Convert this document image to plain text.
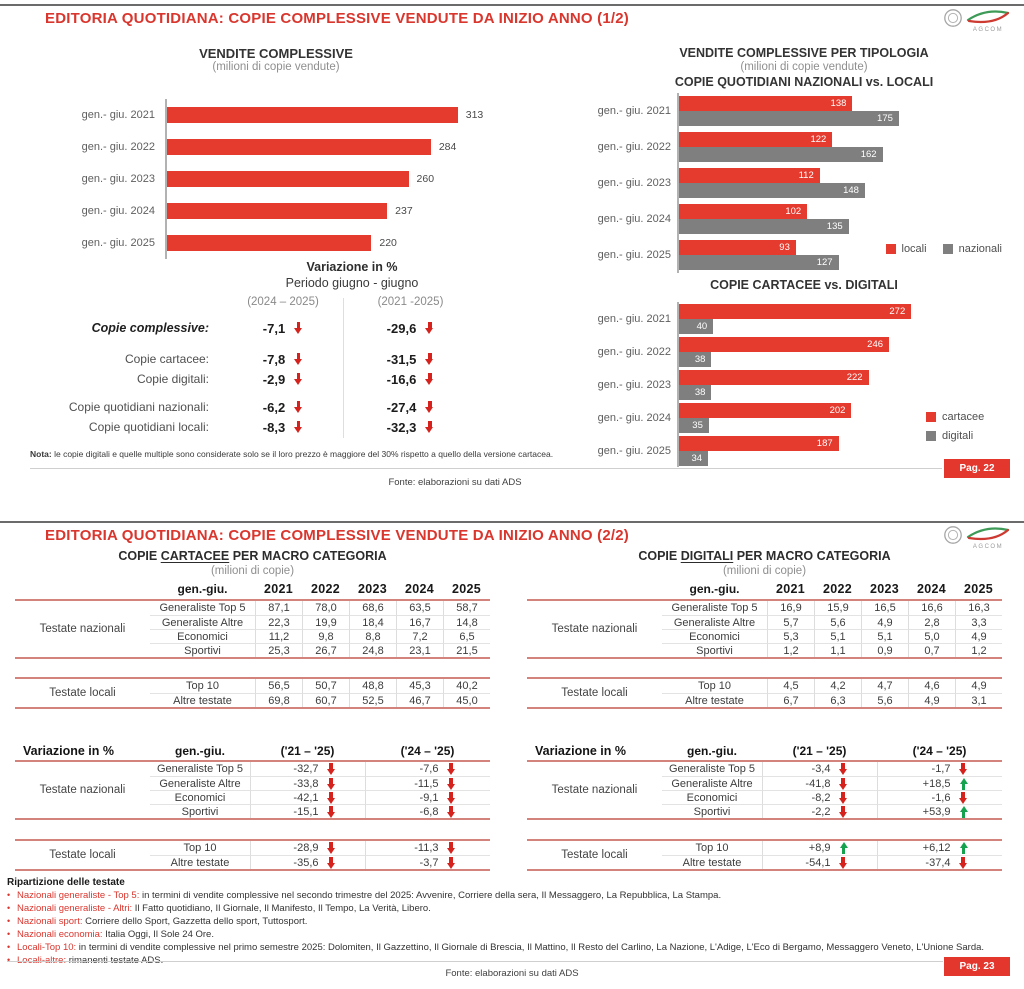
EDITORIA QUOTIDIANA: COPIE COMPLESSIVE VENDUTE DA INIZIO ANNO (1/2)
AGCOM
VENDITE COMPLESSIVE
(milioni di copie vendute)
gen.- giu. 2021	313
gen.- giu. 2022	284
gen.- giu. 2023	260
gen.- giu. 2024	237
gen.- giu. 2025	220
Variazione in %
Periodo giugno - giugno
(2024 – 2025)	(2021 -2025)
Copie complessive:	-7,1	-29,6
Copie cartacee:	-7,8	-31,5
Copie digitali:	-2,9	-16,6
Copie quotidiani nazionali:	-6,2	-27,4
Copie quotidiani locali:	-8,3	-32,3
Nota: le copie digitali e quelle multiple sono considerate solo se il loro prezzo è maggiore del 30% rispetto a quello della versione cartacea.
Fonte: elaborazioni su dati ADS
Pag. 22
VENDITE COMPLESSIVE PER TIPOLOGIA
(milioni di copie vendute)
COPIE QUOTIDIANI NAZIONALI vs. LOCALI
gen.- giu. 2021
138
175
gen.- giu. 2022
122
162
gen.- giu. 2023
112
148
gen.- giu. 2024
102
135
gen.- giu. 2025
93
127
locali	nazionali
COPIE CARTACEE vs. DIGITALI
gen.- giu. 2021
272
40
gen.- giu. 2022
246
38
gen.- giu. 2023
222
38
gen.- giu. 2024
202
35
gen.- giu. 2025
187
34
cartacee
digitali
EDITORIA QUOTIDIANA: COPIE COMPLESSIVE VENDUTE DA INIZIO ANNO (2/2)
AGCOM
COPIE CARTACEE PER MACRO CATEGORIA
(milioni di copie)
gen.-giu.	2021	2022	2023	2024	2025
Testate nazionali
Generaliste Top 5	87,1	78,0	68,6	63,5	58,7
Generaliste Altre	22,3	19,9	18,4	16,7	14,8
Economici	11,2	9,8	8,8	7,2	6,5
Sportivi	25,3	26,7	24,8	23,1	21,5
Testate locali
Top 10	56,5	50,7	48,8	45,3	40,2
Altre testate	69,8	60,7	52,5	46,7	45,0
COPIE DIGITALI PER MACRO CATEGORIA
(milioni di copie)
gen.-giu.	2021	2022	2023	2024	2025
Testate nazionali
Generaliste Top 5	16,9	15,9	16,5	16,6	16,3
Generaliste Altre	5,7	5,6	4,9	2,8	3,3
Economici	5,3	5,1	5,1	5,0	4,9
Sportivi	1,2	1,1	0,9	0,7	1,2
Testate locali
Top 10	4,5	4,2	4,7	4,6	4,9
Altre testate	6,7	6,3	5,6	4,9	3,1
Variazione in %	gen.-giu.	('21 – '25)	('24 – '25)
Testate nazionali
Generaliste Top 5	-32,7	-7,6
Generaliste Altre	-33,8	-11,5
Economici	-42,1	-9,1
Sportivi	-15,1	-6,8
Testate locali
Top 10	-28,9	-11,3
Altre testate	-35,6	-3,7
Variazione in %	gen.-giu.	('21 – '25)	('24 – '25)
Testate nazionali
Generaliste Top 5	-3,4	-1,7
Generaliste Altre	-41,8	+18,5
Economici	-8,2	-1,6
Sportivi	-2,2	+53,9
Testate locali
Top 10	+8,9	+6,12
Altre testate	-54,1	-37,4
Ripartizione delle testate
• Nazionali generaliste - Top 5: in termini di vendite complessive nel secondo trimestre del 2025: Avvenire, Corriere della sera, Il Messaggero, La Repubblica, La Stampa.
• Nazionali generaliste - Altri: Il Fatto quotidiano, Il Giornale, Il Manifesto, Il Tempo, La Verità, Libero.
• Nazionali sport: Corriere dello Sport, Gazzetta dello sport, Tuttosport.
• Nazionali economia: Italia Oggi, Il Sole 24 Ore.
• Locali-Top 10: in termini di vendite complessive nel primo semestre 2025: Dolomiten, Il Gazzettino, Il Giornale di Brescia, Il Mattino, Il Resto del Carlino, La Nazione, L'Adige, L'Eco di Bergamo, Messaggero Veneto, L'Unione Sarda.
• Locali-altre: rimanenti testate ADS.
Fonte: elaborazioni su dati ADS
Pag. 23
